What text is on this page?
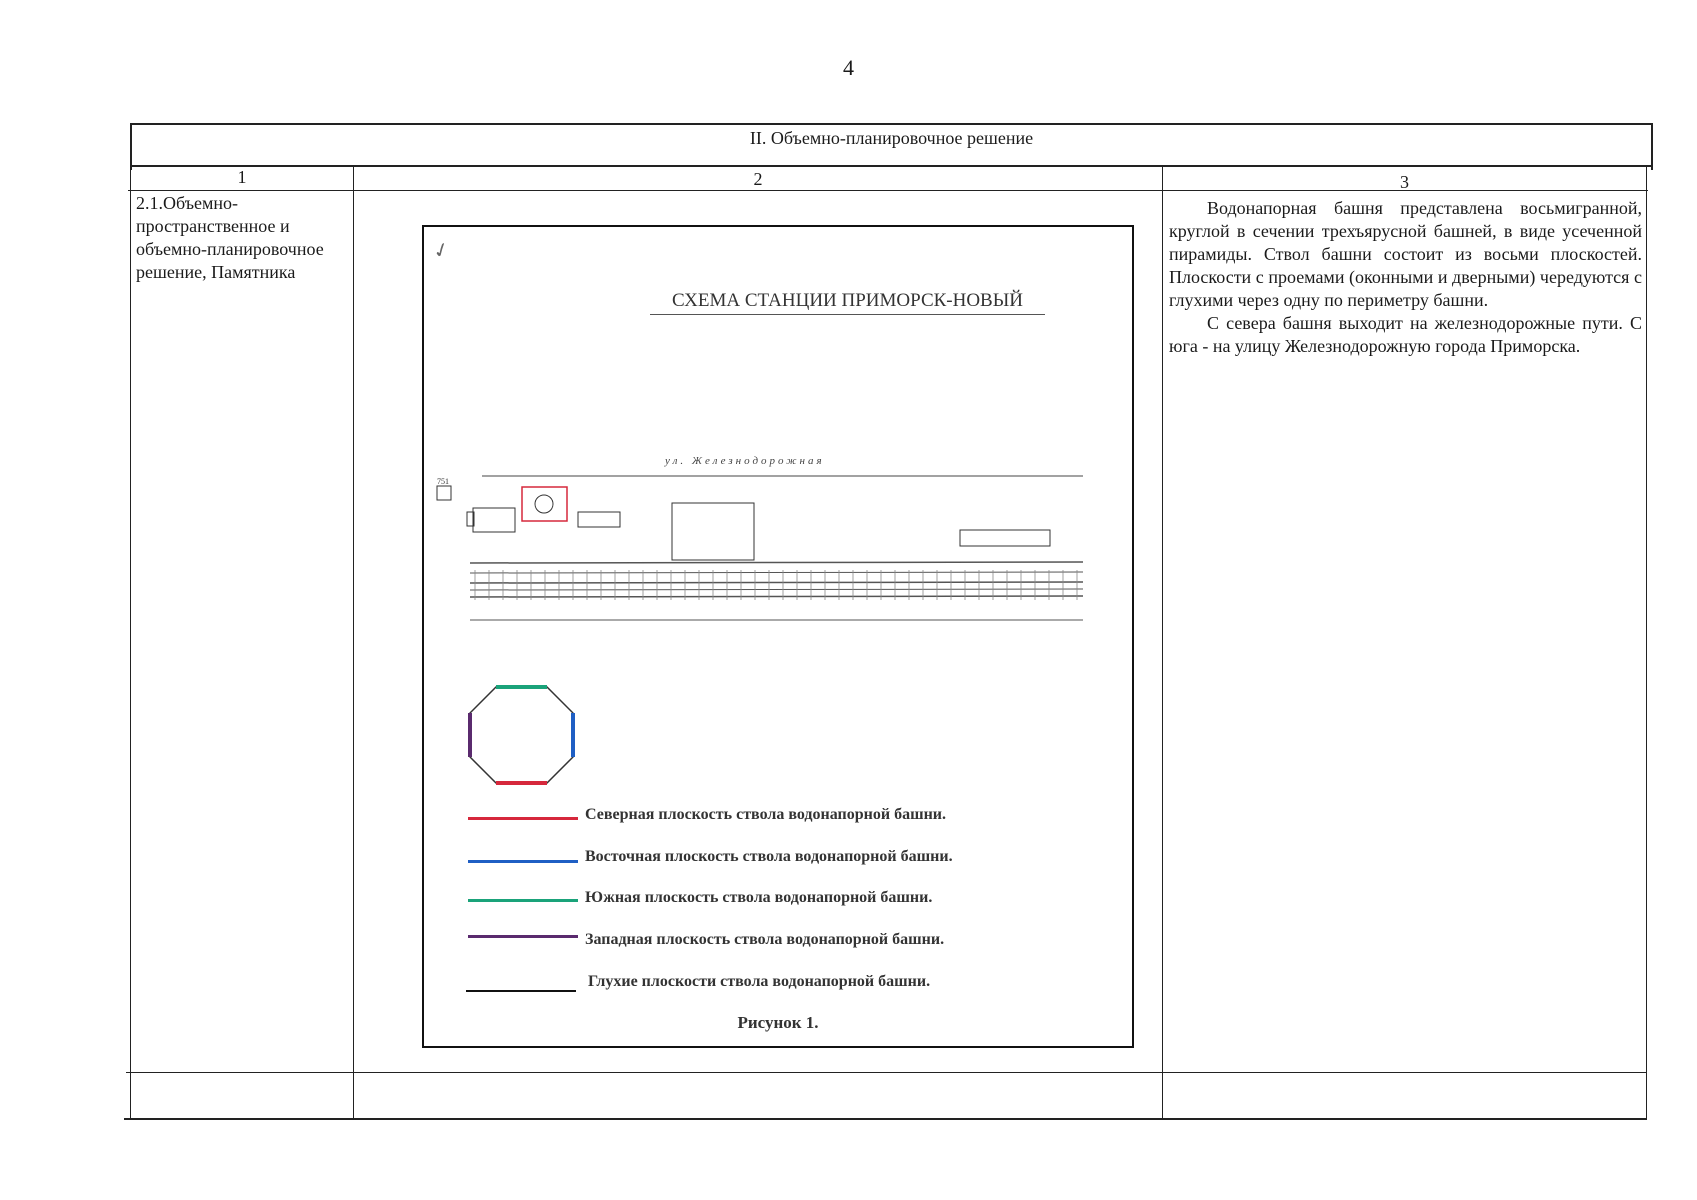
4
II. Объемно-планировочное решение
1	2	3
2.1.Объемно-пространственное и объемно-планировочное решение, Памятника

Водонапорная башня представлена восьмигранной, круглой в сечении трехъярусной башней, в виде усеченной пирамиды. Ствол башни состоит из восьми плоскостей. Плоскости с проемами (оконными и дверными) чередуются с глухими через одну по периметру башни.

С севера башня выходит на железнодорожные пути. С юга - на улицу Железнодорожную города Приморска.

✓
СХЕМА СТАНЦИИ ПРИМОРСК-НОВЫЙ
ул. Железнодорожная
751
Северная плоскость ствола водонапорной башни.
Восточная плоскость ствола водонапорной башни.
Южная плоскость ствола водонапорной башни.
Западная плоскость ствола водонапорной башни.
Глухие плоскости ствола водонапорной башни.
Рисунок 1.
